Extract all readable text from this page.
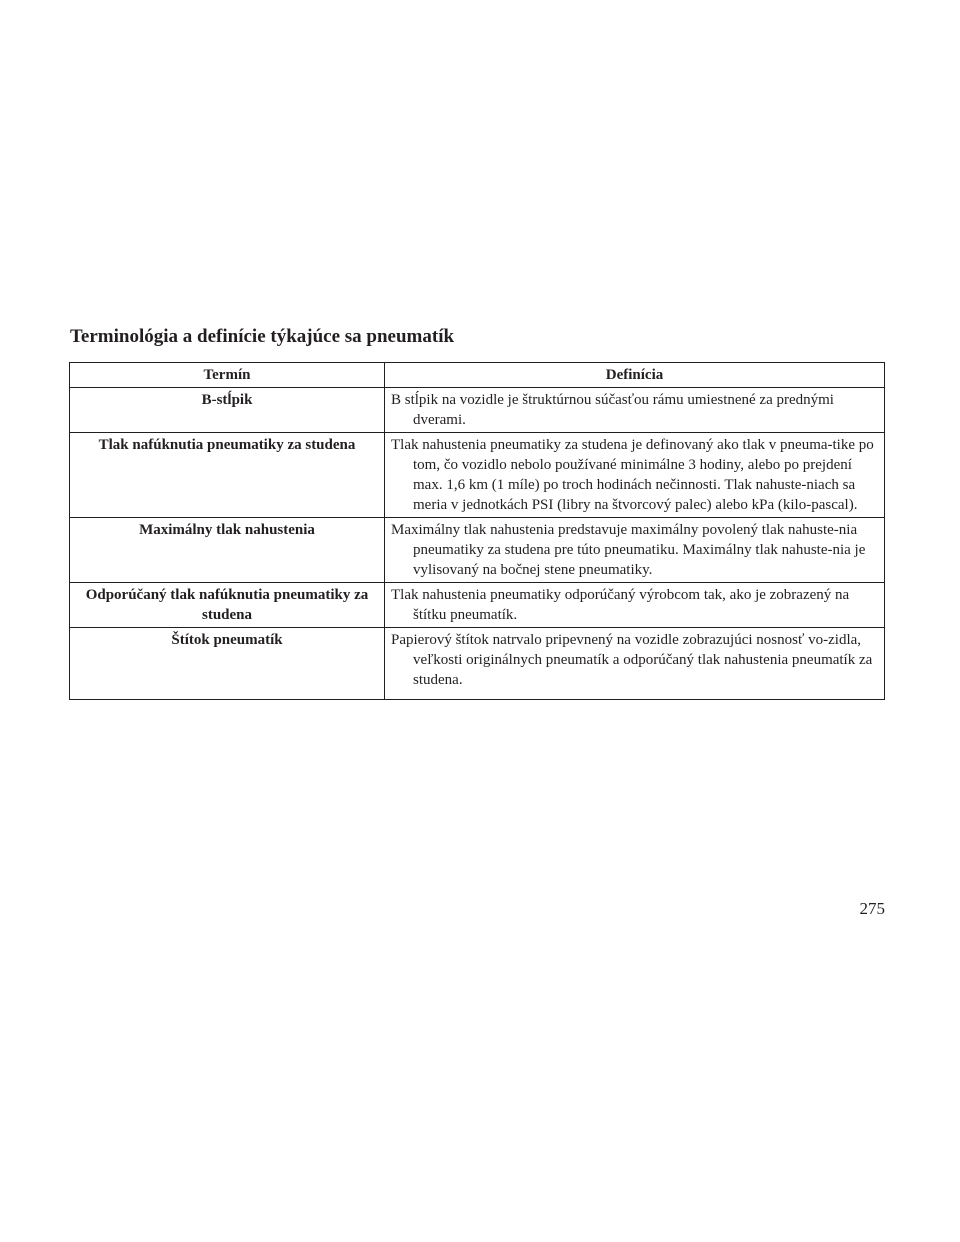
Terminológia a definície týkajúce sa pneumatík
Termín	Definícia
B-stĺpik	B stĺpik na vozidle je štruktúrnou súčasťou rámu umiestnené za prednými dverami.

Tlak nafúknutia pneumatiky za studena	Tlak nahustenia pneumatiky za studena je definovaný ako tlak v pneuma-tike po tom, čo vozidlo nebolo používané minimálne 3 hodiny, alebo po prejdení max. 1,6 km (1 míle) po troch hodinách nečinnosti. Tlak nahuste-niach sa meria v jednotkách PSI (libry na štvorcový palec) alebo kPa (kilo-pascal).

Maximálny tlak nahustenia	Maximálny tlak nahustenia predstavuje maximálny povolený tlak nahuste-nia pneumatiky za studena pre túto pneumatiku. Maximálny tlak nahuste-nia je vylisovaný na bočnej stene pneumatiky.

Odporúčaný tlak nafúknutia pneumatiky za studena	Tlak nahustenia pneumatiky odporúčaný výrobcom tak, ako je zobrazený na štítku pneumatík.

Štítok pneumatík	Papierový štítok natrvalo pripevnený na vozidle zobrazujúci nosnosť vo-zidla, veľkosti originálnych pneumatík a odporúčaný tlak nahustenia pneumatík za studena.
275
